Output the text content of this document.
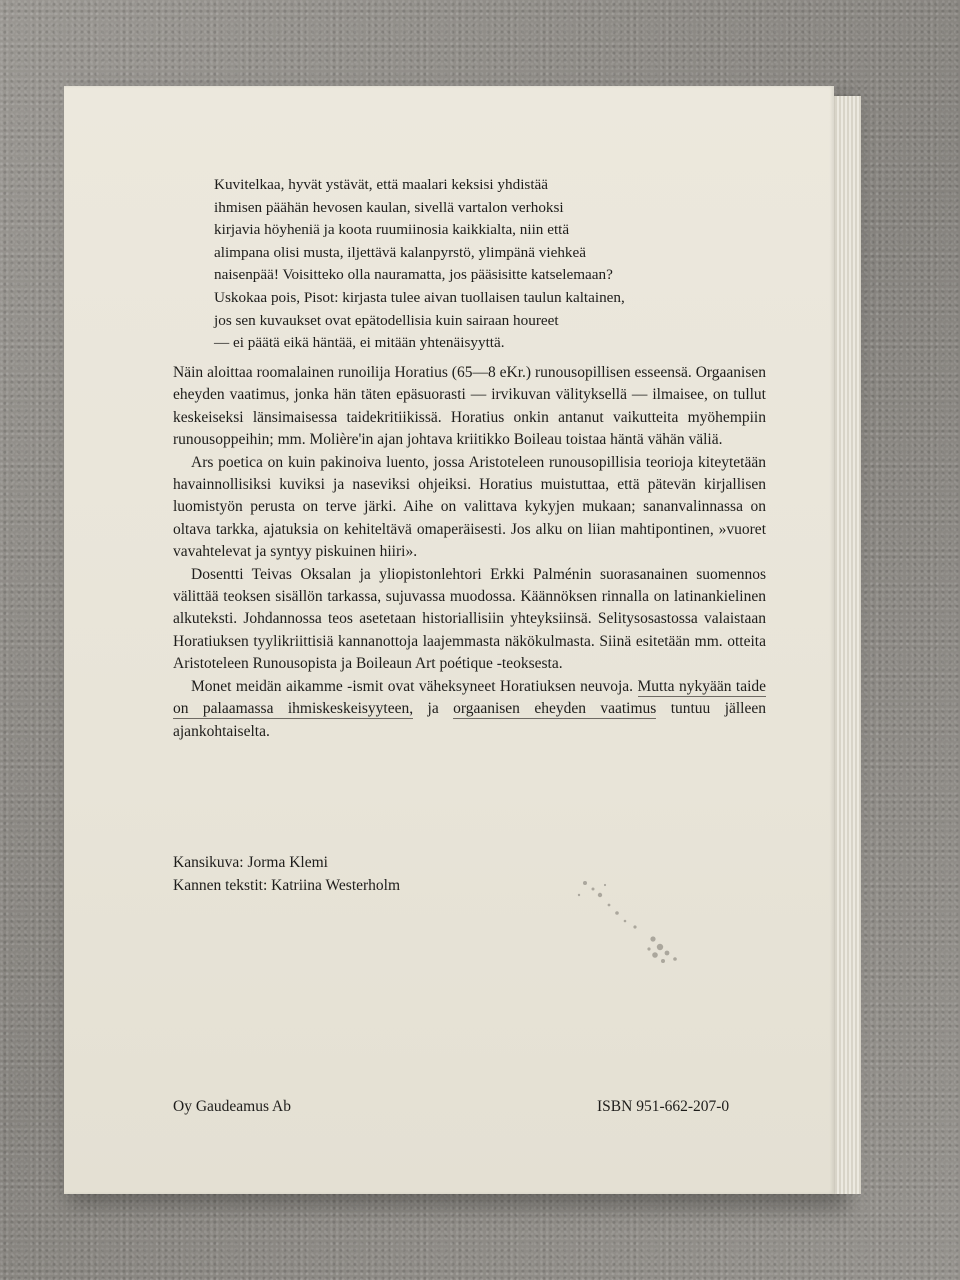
Kuvitelkaa, hyvät ystävät, että maalari keksisi yhdistää
ihmisen päähän hevosen kaulan, sivellä vartalon verhoksi
kirjavia höyheniä ja koota ruumiinosia kaikkialta, niin että
alimpana olisi musta, iljettävä kalanpyrstö, ylimpänä viehkeä
naisenpää! Voisitteko olla nauramatta, jos pääsisitte katselemaan?
Uskokaa pois, Pisot: kirjasta tulee aivan tuollaisen taulun kaltainen,
jos sen kuvaukset ovat epätodellisia kuin sairaan houreet
— ei päätä eikä häntää, ei mitään yhtenäisyyttä.

Näin aloittaa roomalainen runoilija Horatius (65—8 eKr.) runousopillisen esseensä. Orgaanisen eheyden vaatimus, jonka hän täten epäsuorasti — irvikuvan välityksellä — ilmaisee, on tullut keskeiseksi länsimaisessa taidekritiikissä. Horatius onkin antanut vaikutteita myöhempiin runousoppeihin; mm. Molière'in ajan johtava kriitikko Boileau toistaa häntä vähän väliä.

Ars poetica on kuin pakinoiva luento, jossa Aristoteleen runousopillisia teorioja kiteytetään havainnollisiksi kuviksi ja naseviksi ohjeiksi. Horatius muistuttaa, että pätevän kirjallisen luomistyön perusta on terve järki. Aihe on valittava kykyjen mukaan; sananvalinnassa on oltava tarkka, ajatuksia on kehiteltävä omaperäisesti. Jos alku on liian mahtipontinen, »vuoret vavahtelevat ja syntyy piskuinen hiiri».

Dosentti Teivas Oksalan ja yliopistonlehtori Erkki Palménin suorasanainen suomennos välittää teoksen sisällön tarkassa, sujuvassa muodossa. Käännöksen rinnalla on latinankielinen alkuteksti. Johdannossa teos asetetaan historiallisiin yhteyksiinsä. Selitysosastossa valaistaan Horatiuksen tyylikriittisiä kannanottoja laajemmasta näkökulmasta. Siinä esitetään mm. otteita Aristoteleen Runousopista ja Boileaun Art poétique -teoksesta.

Monet meidän aikamme -ismit ovat väheksyneet Horatiuksen neuvoja. Mutta nykyään taide on palaamassa ihmiskeskeisyyteen, ja orgaanisen eheyden vaatimus tuntuu jälleen ajankohtaiselta.

Kansikuva: Jorma Klemi
Kannen tekstit: Katriina Westerholm
Oy Gaudeamus Ab	ISBN 951-662-207-0
